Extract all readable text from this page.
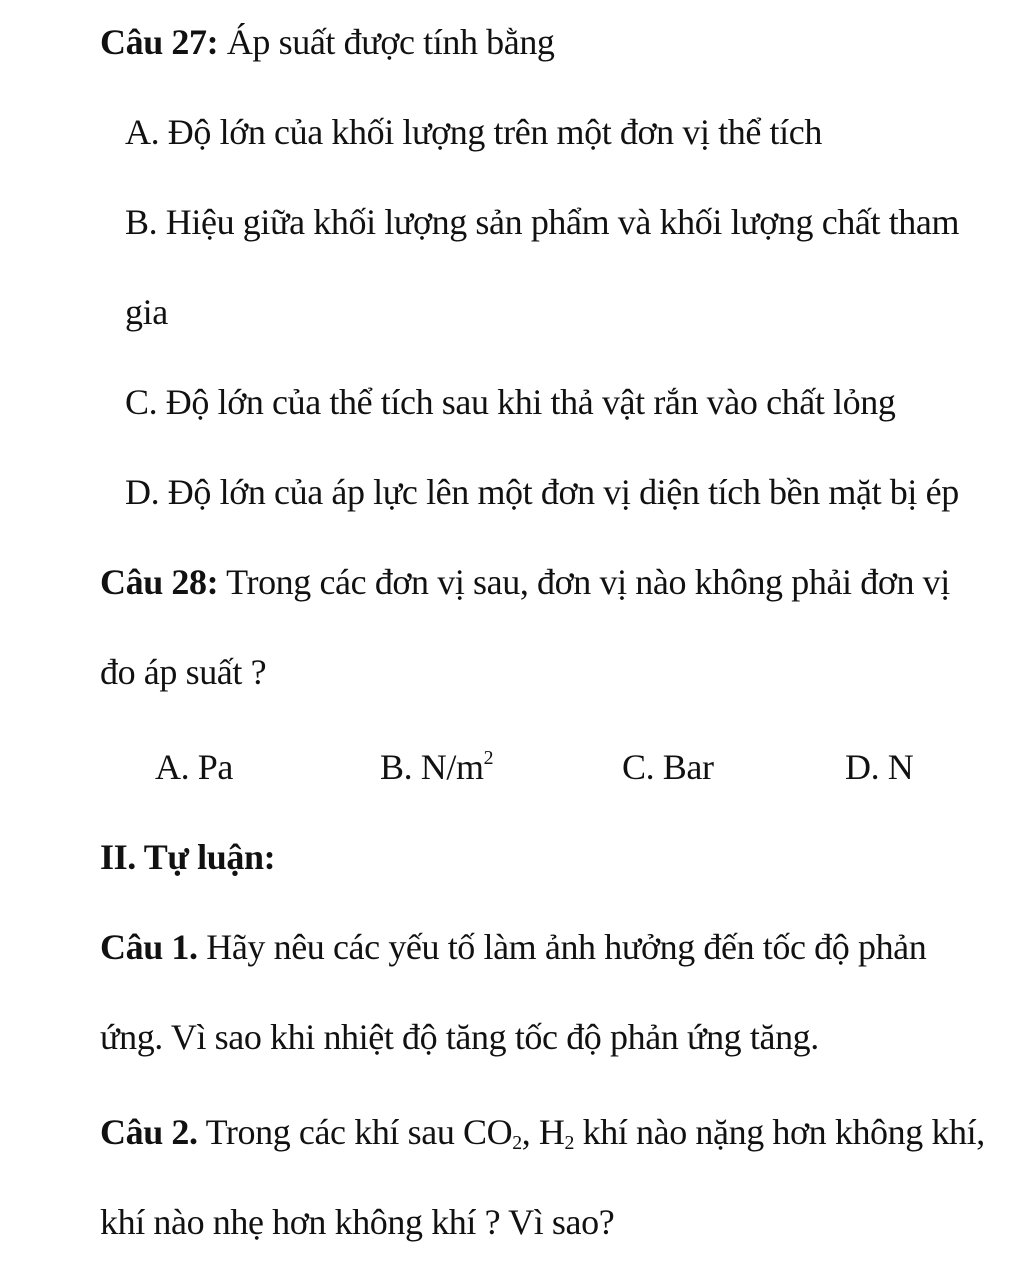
Câu 27: Áp suất được tính bằng
A. Độ lớn của khối lượng trên một đơn vị thể tích
B. Hiệu giữa khối lượng sản phẩm và khối lượng chất tham
gia
C. Độ lớn của thể tích sau khi thả vật rắn vào chất lỏng
D. Độ lớn của áp lực lên một đơn vị diện tích bền mặt bị ép
Câu 28: Trong các đơn vị sau, đơn vị nào không phải đơn vị
đo áp suất ?
A. Pa	B. $N/m^2$	C. Bar	D. N
II. Tự luận:
Câu 1. Hãy nêu các yếu tố làm ảnh hưởng đến tốc độ phản
ứng. Vì sao khi nhiệt độ tăng tốc độ phản ứng tăng.
Câu 2. Trong các khí sau $CO_2$, $H_2$ khí nào nặng hơn không khí,
khí nào nhẹ hơn không khí ? Vì sao?
